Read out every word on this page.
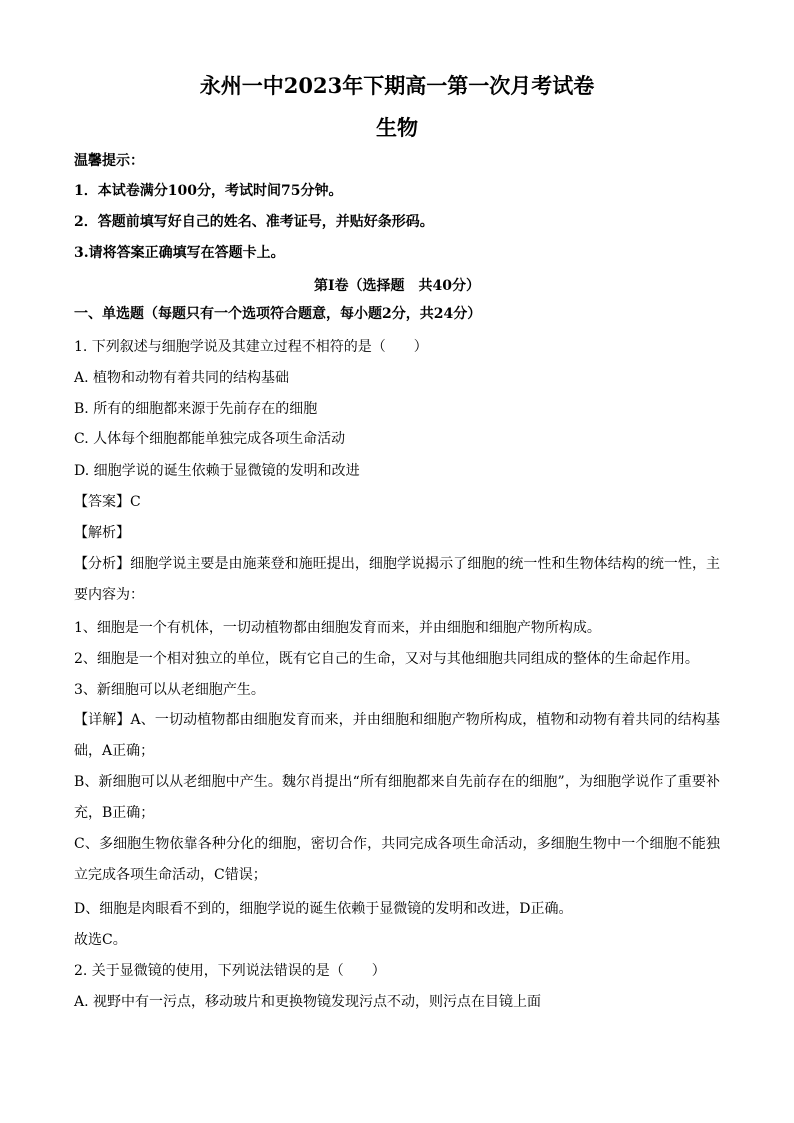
永州一中2023年下期高一第一次月考试卷
生物
温馨提示：
1．本试卷满分100分，考试时间75分钟。
2．答题前填写好自己的姓名、准考证号，并贴好条形码。
3.请将答案正确填写在答题卡上。
第I卷（选择题　共40分）
一、单选题（每题只有一个选项符合题意，每小题2分，共24分）
1. 下列叙述与细胞学说及其建立过程不相符的是（　　）
A. 植物和动物有着共同的结构基础
B. 所有的细胞都来源于先前存在的细胞
C. 人体每个细胞都能单独完成各项生命活动
D. 细胞学说的诞生依赖于显微镜的发明和改进
【答案】C
【解析】
【分析】细胞学说主要是由施莱登和施旺提出，细胞学说揭示了细胞的统一性和生物体结构的统一性，主要内容为：
1、细胞是一个有机体，一切动植物都由细胞发育而来，并由细胞和细胞产物所构成。
2、细胞是一个相对独立的单位，既有它自己的生命，又对与其他细胞共同组成的整体的生命起作用。
3、新细胞可以从老细胞产生。
【详解】A、一切动植物都由细胞发育而来，并由细胞和细胞产物所构成，植物和动物有着共同的结构基础，A正确；
B、新细胞可以从老细胞中产生。魏尔肖提出“所有细胞都来自先前存在的细胞”，为细胞学说作了重要补充，B正确；
C、多细胞生物依靠各种分化的细胞，密切合作，共同完成各项生命活动，多细胞生物中一个细胞不能独立完成各项生命活动，C错误；
D、细胞是肉眼看不到的，细胞学说的诞生依赖于显微镜的发明和改进，D正确。
故选C。
2. 关于显微镜的使用，下列说法错误的是（　　）
A. 视野中有一污点，移动玻片和更换物镜发现污点不动，则污点在目镜上面
